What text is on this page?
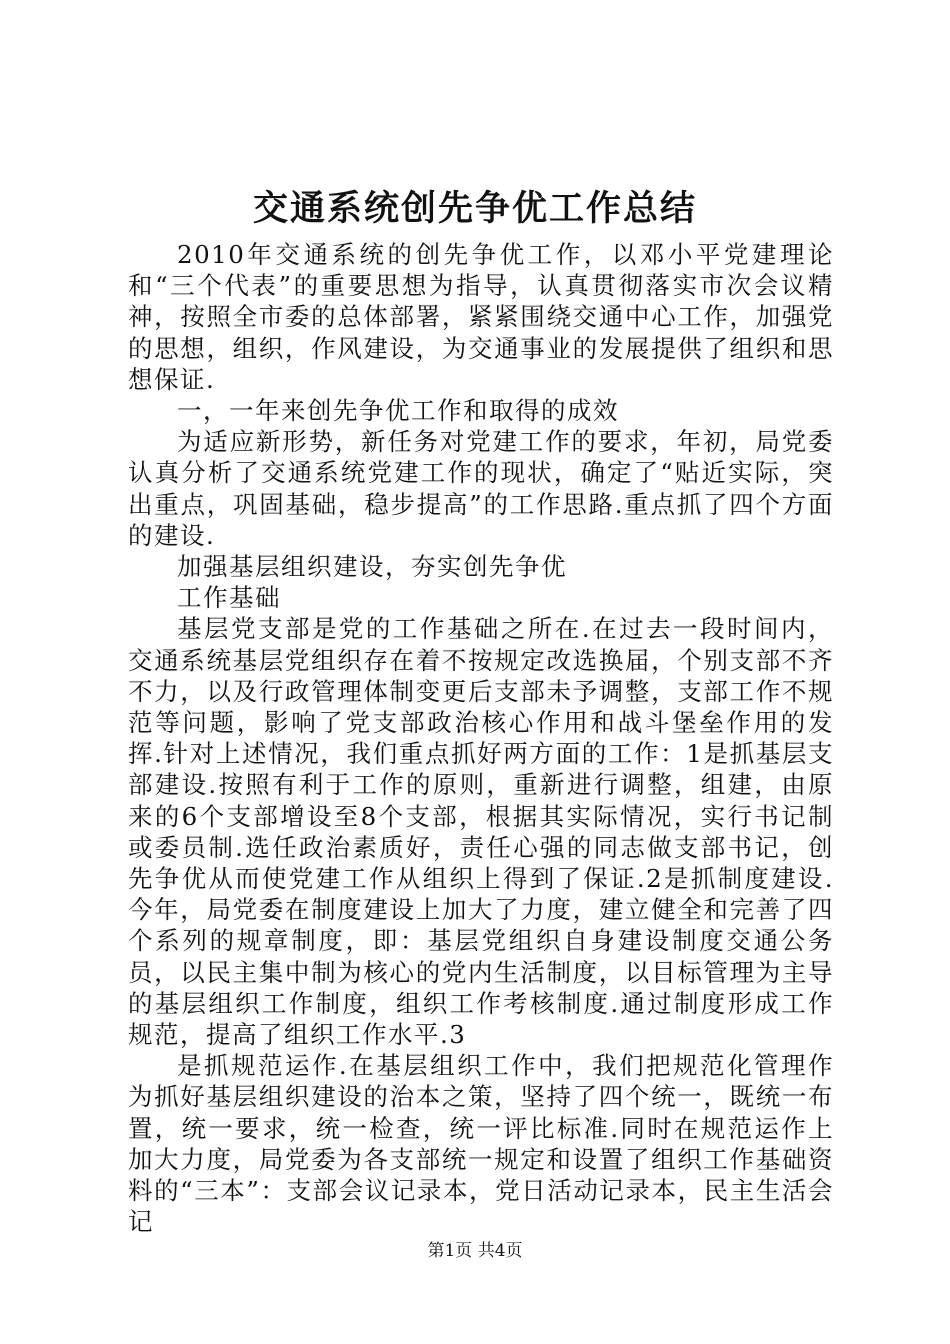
交通系统创先争优工作总结

2010年交通系统的创先争优工作，以邓小平党建理论和“三个代表”的重要思想为指导，认真贯彻落实市次会议精神，按照全市委的总体部署，紧紧围绕交通中心工作，加强党的思想，组织，作风建设，为交通事业的发展提供了组织和思想保证.

一，一年来创先争优工作和取得的成效

为适应新形势，新任务对党建工作的要求，年初，局党委认真分析了交通系统党建工作的现状，确定了“贴近实际，突出重点，巩固基础，稳步提高”的工作思路.重点抓了四个方面的建设.

加强基层组织建设，夯实创先争优

工作基础

基层党支部是党的工作基础之所在.在过去一段时间内，交通系统基层党组织存在着不按规定改选换届，个别支部不齐不力，以及行政管理体制变更后支部未予调整，支部工作不规范等问题，影响了党支部政治核心作用和战斗堡垒作用的发挥.针对上述情况，我们重点抓好两方面的工作：1是抓基层支部建设.按照有利于工作的原则，重新进行调整，组建，由原来的6个支部增设至8个支部，根据其实际情况，实行书记制或委员制.选任政治素质好，责任心强的同志做支部书记，创先争优从而使党建工作从组织上得到了保证.2是抓制度建设.今年，局党委在制度建设上加大了力度，建立健全和完善了四个系列的规章制度，即：基层党组织自身建设制度交通公务员，以民主集中制为核心的党内生活制度，以目标管理为主导的基层组织工作制度，组织工作考核制度.通过制度形成工作规范，提高了组织工作水平.3

是抓规范运作.在基层组织工作中，我们把规范化管理作为抓好基层组织建设的治本之策，坚持了四个统一，既统一布置，统一要求，统一检查，统一评比标准.同时在规范运作上加大力度，局党委为各支部统一规定和设置了组织工作基础资料的“三本”：支部会议记录本，党日活动记录本，民主生活会记

第1页 共4页
